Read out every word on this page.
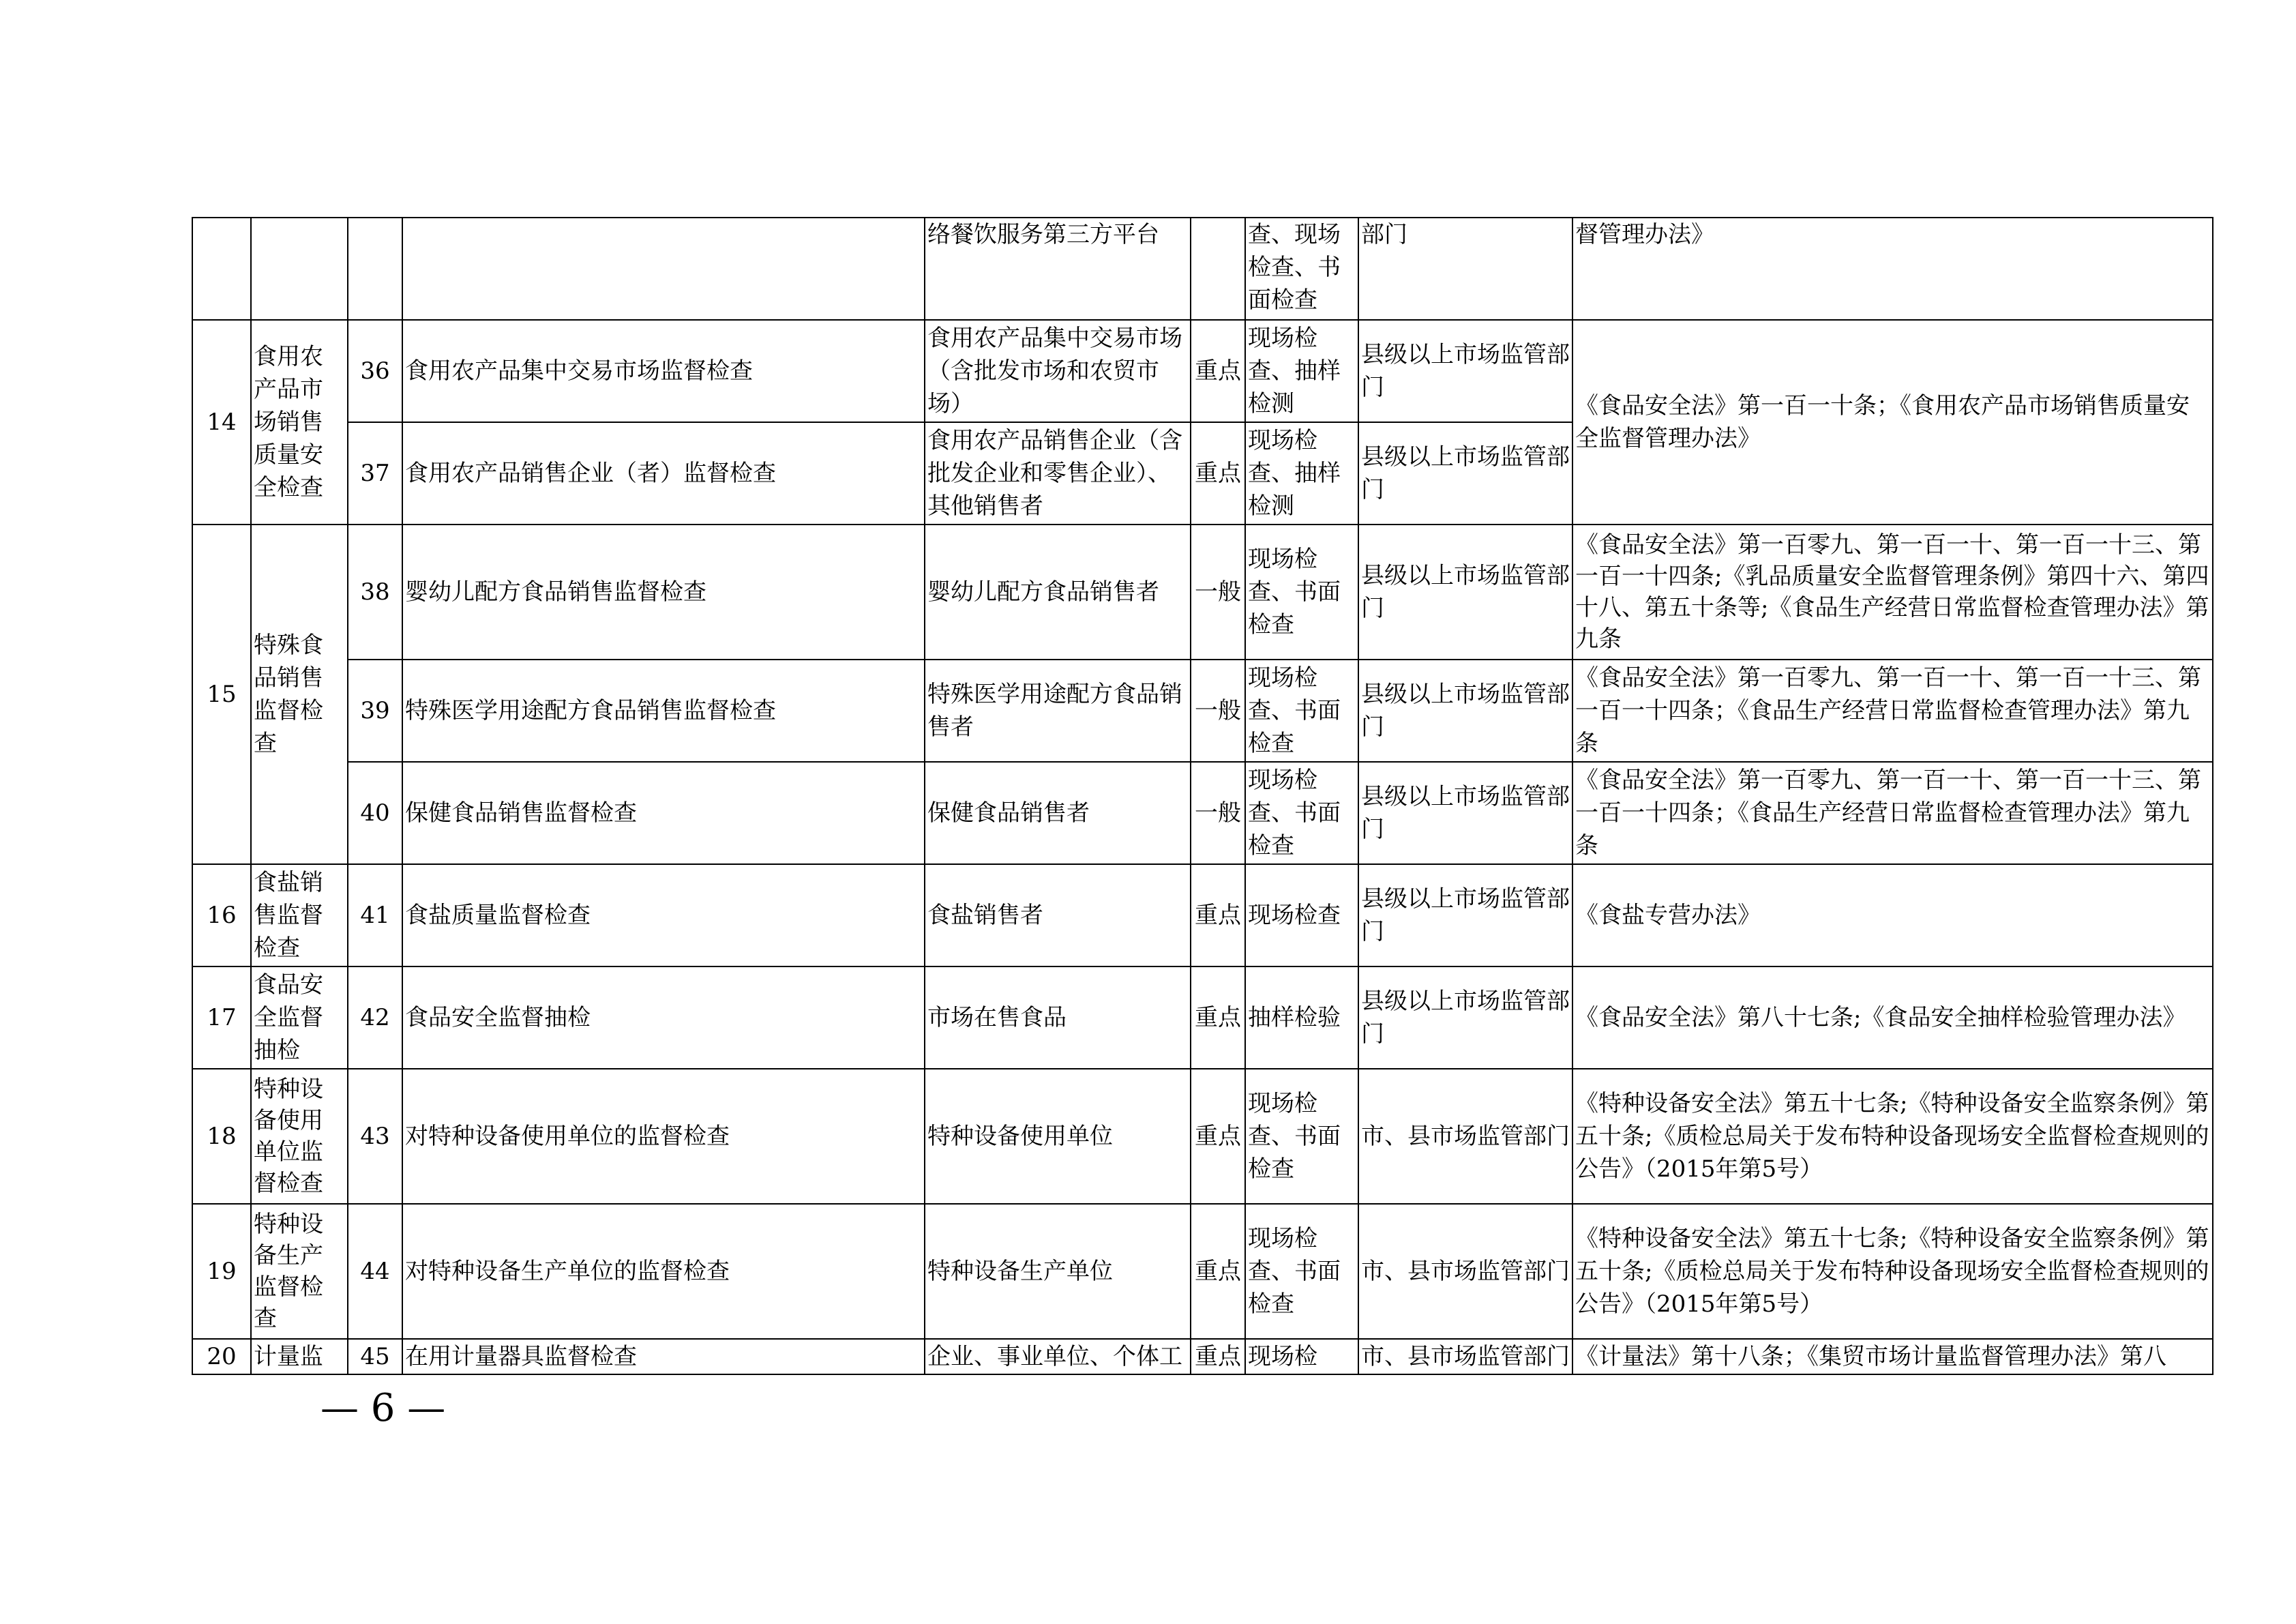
				络餐饮服务第三方平台		查、现场检查、书面检查	部门	督管理办法》
14	食用农产品市场销售质量安全检查	36	食用农产品集中交易市场监督检查	食用农产品集中交易市场（含批发市场和农贸市场）	重点	现场检查、抽样检测	县级以上市场监管部门	《食品安全法》第一百一十条；《食用农产品市场销售质量安全监督管理办法》
		37	食用农产品销售企业（者）监督检查	食用农产品销售企业（含批发企业和零售企业）、其他销售者	重点	现场检查、抽样检测	县级以上市场监管部门	
15	特殊食品销售监督检查	38	婴幼儿配方食品销售监督检查	婴幼儿配方食品销售者	一般	现场检查、书面检查	县级以上市场监管部门	《食品安全法》第一百零九、第一百一十、第一百一十三、第一百一十四条;《乳品质量安全监督管理条例》第四十六、第四十八、第五十条等;《食品生产经营日常监督检查管理办法》第九条
		39	特殊医学用途配方食品销售监督检查	特殊医学用途配方食品销售者	一般	现场检查、书面检查	县级以上市场监管部门	《食品安全法》第一百零九、第一百一十、第一百一十三、第一百一十四条；《食品生产经营日常监督检查管理办法》第九条
		40	保健食品销售监督检查	保健食品销售者	一般	现场检查、书面检查	县级以上市场监管部门	《食品安全法》第一百零九、第一百一十、第一百一十三、第一百一十四条；《食品生产经营日常监督检查管理办法》第九条
16	食盐销售监督检查	41	食盐质量监督检查	食盐销售者	重点	现场检查	县级以上市场监管部门	《食盐专营办法》
17	食品安全监督抽检	42	食品安全监督抽检	市场在售食品	重点	抽样检验	县级以上市场监管部门	《食品安全法》第八十七条;《食品安全抽样检验管理办法》
18	特种设备使用单位监督检查	43	对特种设备使用单位的监督检查	特种设备使用单位	重点	现场检查、书面检查	市、县市场监管部门	《特种设备安全法》第五十七条;《特种设备安全监察条例》第五十条;《质检总局关于发布特种设备现场安全监督检查规则的公告》（2015年第5号）
19	特种设备生产监督检查	44	对特种设备生产单位的监督检查	特种设备生产单位	重点	现场检查、书面检查	市、县市场监管部门	《特种设备安全法》第五十七条;《特种设备安全监察条例》第五十条;《质检总局关于发布特种设备现场安全监督检查规则的公告》（2015年第5号）
20	计量监	45	在用计量器具监督检查	企业、事业单位、个体工	重点	现场检	市、县市场监管部门	《计量法》第十八条；《集贸市场计量监督管理办法》第八
— 6 —
